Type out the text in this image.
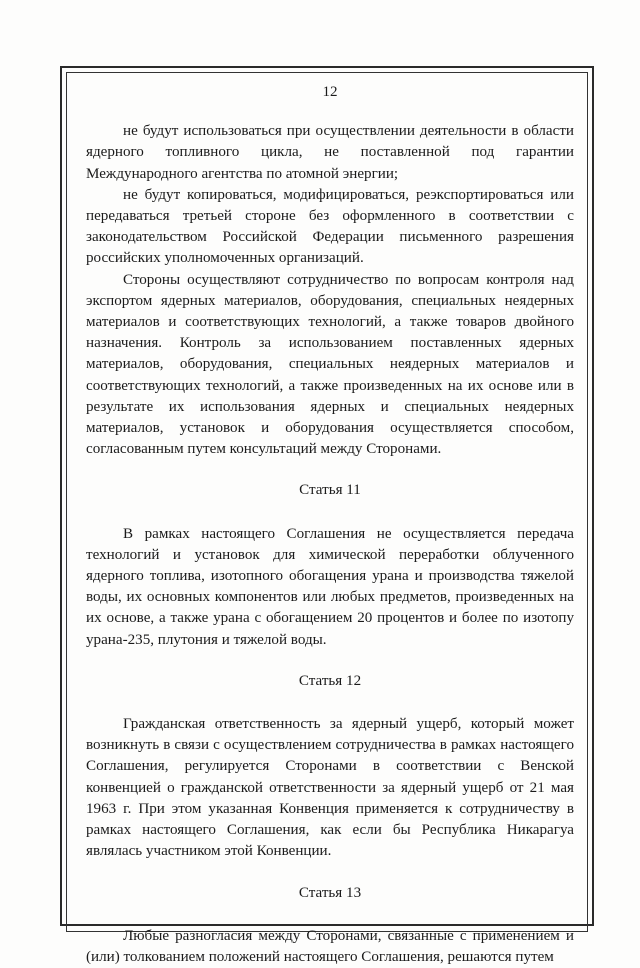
12

не будут использоваться при осуществлении деятельности в области ядерного топливного цикла, не поставленной под гарантии Международного агентства по атомной энергии;

не будут копироваться, модифицироваться, реэкспортироваться или передаваться третьей стороне без оформленного в соответствии с законодательством Российской Федерации письменного разрешения российских уполномоченных организаций.

Стороны осуществляют сотрудничество по вопросам контроля над экспортом ядерных материалов, оборудования, специальных неядерных материалов и соответствующих технологий, а также товаров двойного назначения. Контроль за использованием поставленных ядерных материалов, оборудования, специальных неядерных материалов и соответствующих технологий, а также произведенных на их основе или в результате их использования ядерных и специальных неядерных материалов, установок и оборудования осуществляется способом, согласованным путем консультаций между Сторонами.

Статья 11

В рамках настоящего Соглашения не осуществляется передача технологий и установок для химической переработки облученного ядерного топлива, изотопного обогащения урана и производства тяжелой воды, их основных компонентов или любых предметов, произведенных на их основе, а также урана с обогащением 20 процентов и более по изотопу урана-235, плутония и тяжелой воды.

Статья 12

Гражданская ответственность за ядерный ущерб, который может возникнуть в связи с осуществлением сотрудничества в рамках настоящего Соглашения, регулируется Сторонами в соответствии с Венской конвенцией о гражданской ответственности за ядерный ущерб от 21 мая 1963 г. При этом указанная Конвенция применяется к сотрудничеству в рамках настоящего Соглашения, как если бы Республика Никарагуа являлась участником этой Конвенции.

Статья 13

Любые разногласия между Сторонами, связанные с применением и (или) толкованием положений настоящего Соглашения, решаются путем
